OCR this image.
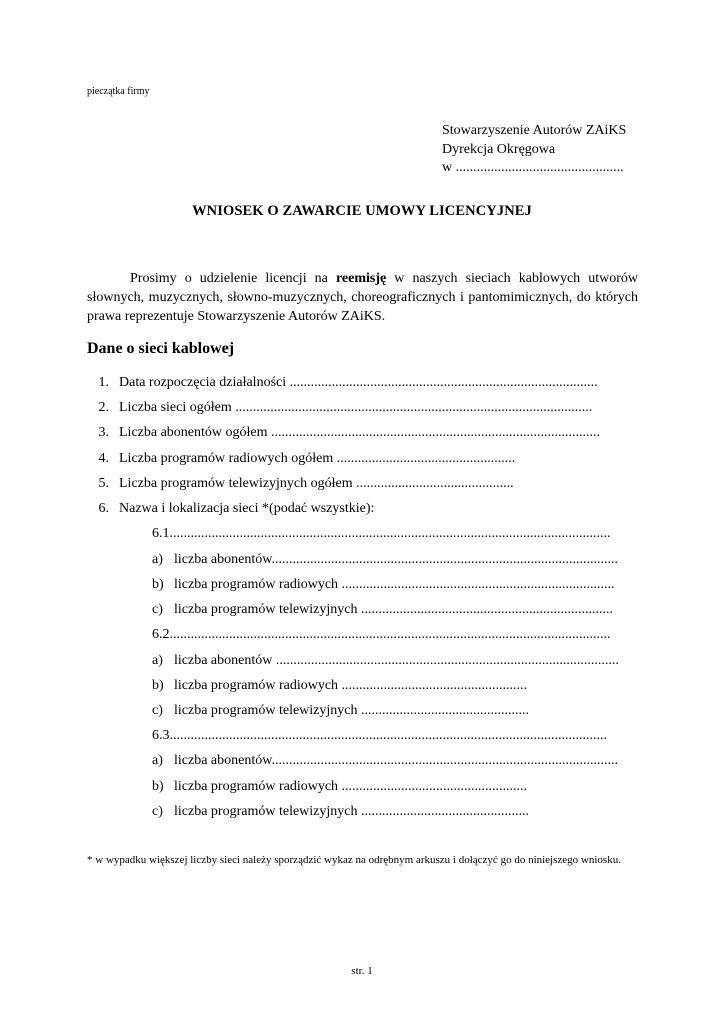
pieczątka firmy
Stowarzyszenie Autorów ZAiKS
Dyrekcja Okręgowa
w ................................................
WNIOSEK O ZAWARCIE UMOWY LICENCYJNEJ
Prosimy o udzielenie licencji na reemisję w naszych sieciach kablowych utworów słownych, muzycznych, słowno-muzycznych, choreograficznych i pantomimicznych, do których prawa reprezentuje Stowarzyszenie Autorów ZAiKS.
Dane o sieci kablowej
1. Data rozpoczęcia działalności ........................................................................................
2. Liczba sieci ogółem ......................................................................................................
3. Liczba abonentów ogółem ..............................................................................................
4. Liczba programów radiowych ogółem ...................................................
5. Liczba programów telewizyjnych ogółem .............................................
6. Nazwa i lokalizacja sieci *(podać wszystkie):
6.1..............................................................................................................................
a) liczba abonentów...................................................................................................
b) liczba programów radiowych ..............................................................................
c) liczba programów telewizyjnych ........................................................................
6.2..............................................................................................................................
a) liczba abonentów ..................................................................................................
b) liczba programów radiowych .....................................................
c) liczba programów telewizyjnych ................................................
6.3.............................................................................................................................
a) liczba abonentów...................................................................................................
b) liczba programów radiowych .....................................................
c) liczba programów telewizyjnych ................................................
* w wypadku większej liczby sieci należy sporządzić wykaz na odrębnym arkuszu i dołączyć go do niniejszego wniosku.
str. 1
